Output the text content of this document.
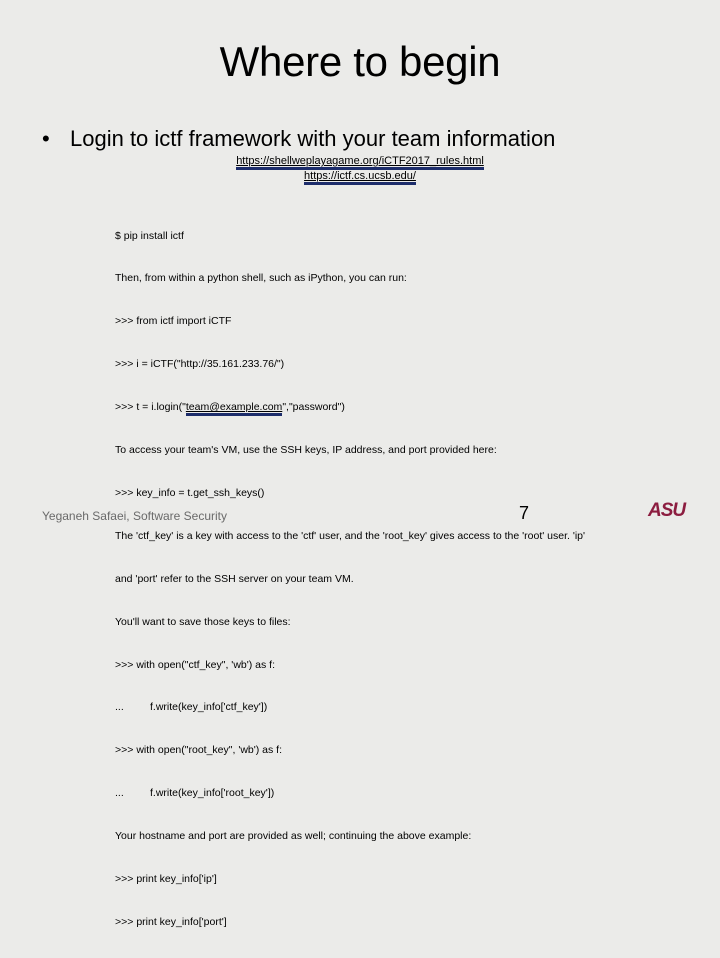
Where to begin
• Login to ictf framework with your team information
https://shellweplayagame.org/iCTF2017_rules.html
https://ictf.cs.ucsb.edu/

$ pip install ictf

Then, from within a python shell, such as iPython, you can run:

>>> from ictf import iCTF

>>> i = iCTF("http://35.161.233.76/")

>>> t = i.login("team@example.com","password")

To access your team's VM, use the SSH keys, IP address, and port provided here:

>>> key_info = t.get_ssh_keys()

The 'ctf_key' is a key with access to the 'ctf' user, and the 'root_key' gives access to the 'root' user. 'ip'

and 'port' refer to the SSH server on your team VM.

You'll want to save those keys to files:

>>> with open("ctf_key", 'wb') as f:

...         f.write(key_info['ctf_key'])

>>> with open("root_key", 'wb') as f:

...         f.write(key_info['root_key'])

Your hostname and port are provided as well; continuing the above example:

>>> print key_info['ip']

>>> print key_info['port']

Yeganeh Safaei, Software Security	7	ASU
